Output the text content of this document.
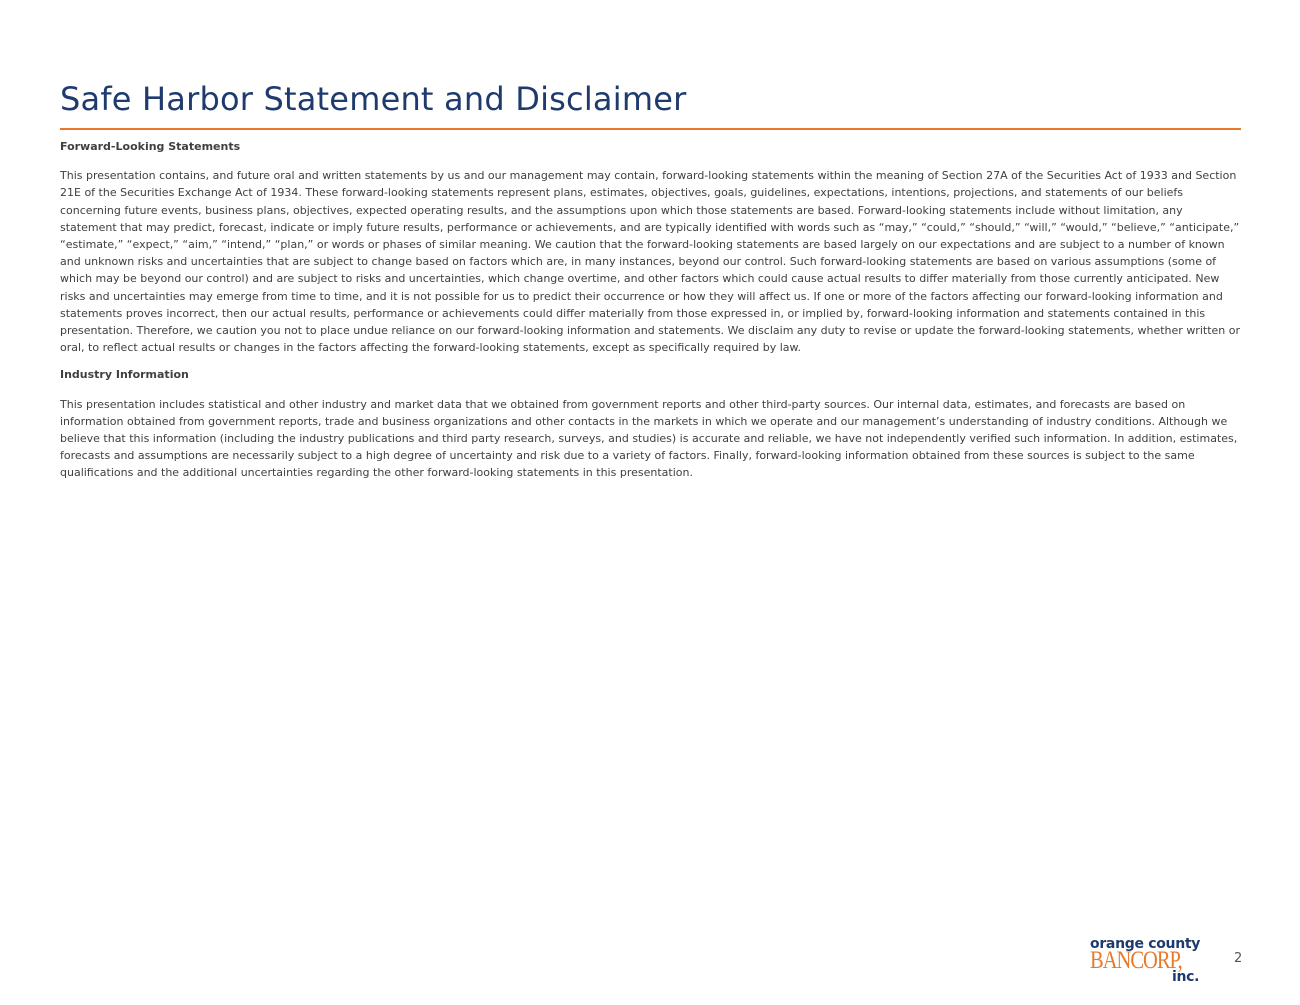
Safe Harbor Statement and Disclaimer

Forward-Looking Statements

This presentation contains, and future oral and written statements by us and our management may contain, forward-looking statements within the meaning of Section 27A of the Securities Act of 1933 and Section 21E of the Securities Exchange Act of 1934. These forward-looking statements represent plans, estimates, objectives, goals, guidelines, expectations, intentions, projections, and statements of our beliefs concerning future events, business plans, objectives, expected operating results, and the assumptions upon which those statements are based. Forward-looking statements include without limitation, any statement that may predict, forecast, indicate or imply future results, performance or achievements, and are typically identified with words such as “may,” “could,” “should,” “will,” “would,” “believe,” “anticipate,” “estimate,” “expect,” “aim,” “intend,” “plan,” or words or phases of similar meaning. We caution that the forward-looking statements are based largely on our expectations and are subject to a number of known and unknown risks and uncertainties that are subject to change based on factors which are, in many instances, beyond our control. Such forward-looking statements are based on various assumptions (some of which may be beyond our control) and are subject to risks and uncertainties, which change overtime, and other factors which could cause actual results to differ materially from those currently anticipated. New risks and uncertainties may emerge from time to time, and it is not possible for us to predict their occurrence or how they will affect us. If one or more of the factors affecting our forward-looking information and statements proves incorrect, then our actual results, performance or achievements could differ materially from those expressed in, or implied by, forward-looking information and statements contained in this presentation. Therefore, we caution you not to place undue reliance on our forward-looking information and statements. We disclaim any duty to revise or update the forward-looking statements, whether written or oral, to reflect actual results or changes in the factors affecting the forward-looking statements, except as specifically required by law.

Industry Information

This presentation includes statistical and other industry and market data that we obtained from government reports and other third-party sources. Our internal data, estimates, and forecasts are based on information obtained from government reports, trade and business organizations and other contacts in the markets in which we operate and our management’s understanding of industry conditions. Although we believe that this information (including the industry publications and third party research, surveys, and studies) is accurate and reliable, we have not independently verified such information. In addition, estimates, forecasts and assumptions are necessarily subject to a high degree of uncertainty and risk due to a variety of factors. Finally, forward-looking information obtained from these sources is subject to the same qualifications and the additional uncertainties regarding the other forward-looking statements in this presentation.

orange county
BANCORP,
inc.
2
